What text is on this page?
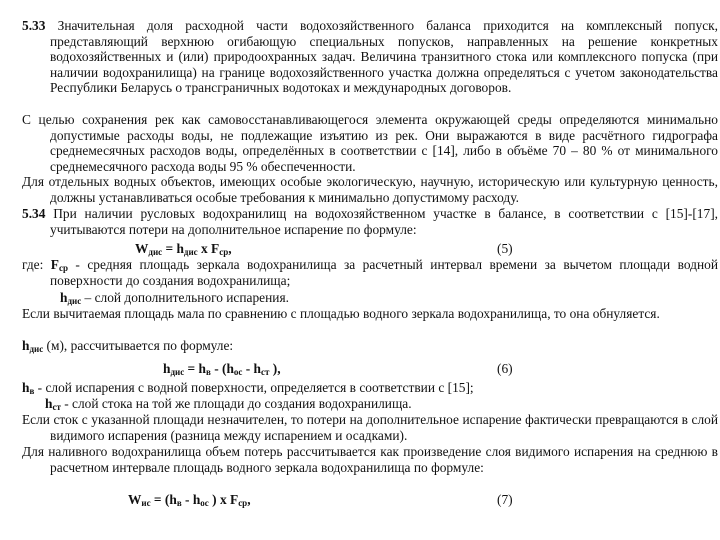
5.33 Значительная доля расходной части водохозяйственного баланса приходится на комплексный попуск, представляющий верхнюю огибающую специальных попусков, направленных на решение конкретных водохозяйственных и (или) природоохранных задач. Величина транзитного стока или комплексного попуска (при наличии водохранилища) на границе водохозяйственного участка должна определяться с учетом законодательства Республики Беларусь о трансграничных водотоках и международных договоров.
С целью сохранения рек как самовосстанавливающегося элемента окружающей среды определяются минимально допустимые расходы воды, не подлежащие изъятию из рек. Они выражаются в виде расчётного гидрографа среднемесячных расходов воды, определённых в соответствии с [14], либо в объёме 70 – 80 % от минимального среднемесячного расхода воды 95 % обеспеченности.
Для отдельных водных объектов, имеющих особые экологическую, научную, историческую или культурную ценность, должны устанавливаться особые требования к минимально допустимому расходу.
5.34 При наличии русловых водохранилищ на водохозяйственном участке в балансе, в соответствии с [15]-[17], учитываются потери на дополнительное испарение по формуле:
$W_{дис} = h_{дис}$ x $F_{ср}$,	(5)
где: $F_{ср}$ - средняя площадь зеркала водохранилища за расчетный интервал времени за вычетом площади водной поверхности до создания водохранилища;
$h_{дис}$ – слой дополнительного испарения.
Если вычитаемая площадь мала по сравнению с площадью водного зеркала водохранилища, то она обнуляется.
$h_{дис}$ (м), рассчитывается по формуле:
$h_{дис} = h_в - (h_{ос} - h_{ст}$ ),	(6)
$h_в$ - слой испарения с водной поверхности, определяется в соответствии с [15];
$h_{ст}$ - слой стока на той же площади до создания водохранилища.
Если сток с указанной площади незначителен, то потери на дополнительное испарение фактически превращаются в слой видимого испарения (разница между испарением и осадками).
Для наливного водохранилища объем потерь рассчитывается как произведение слоя видимого испарения на среднюю в расчетном интервале площадь водного зеркала водохранилища по формуле:
$W_{ис} = (h_в - h_{ос}$ ) x $F_{ср}$,	(7)
